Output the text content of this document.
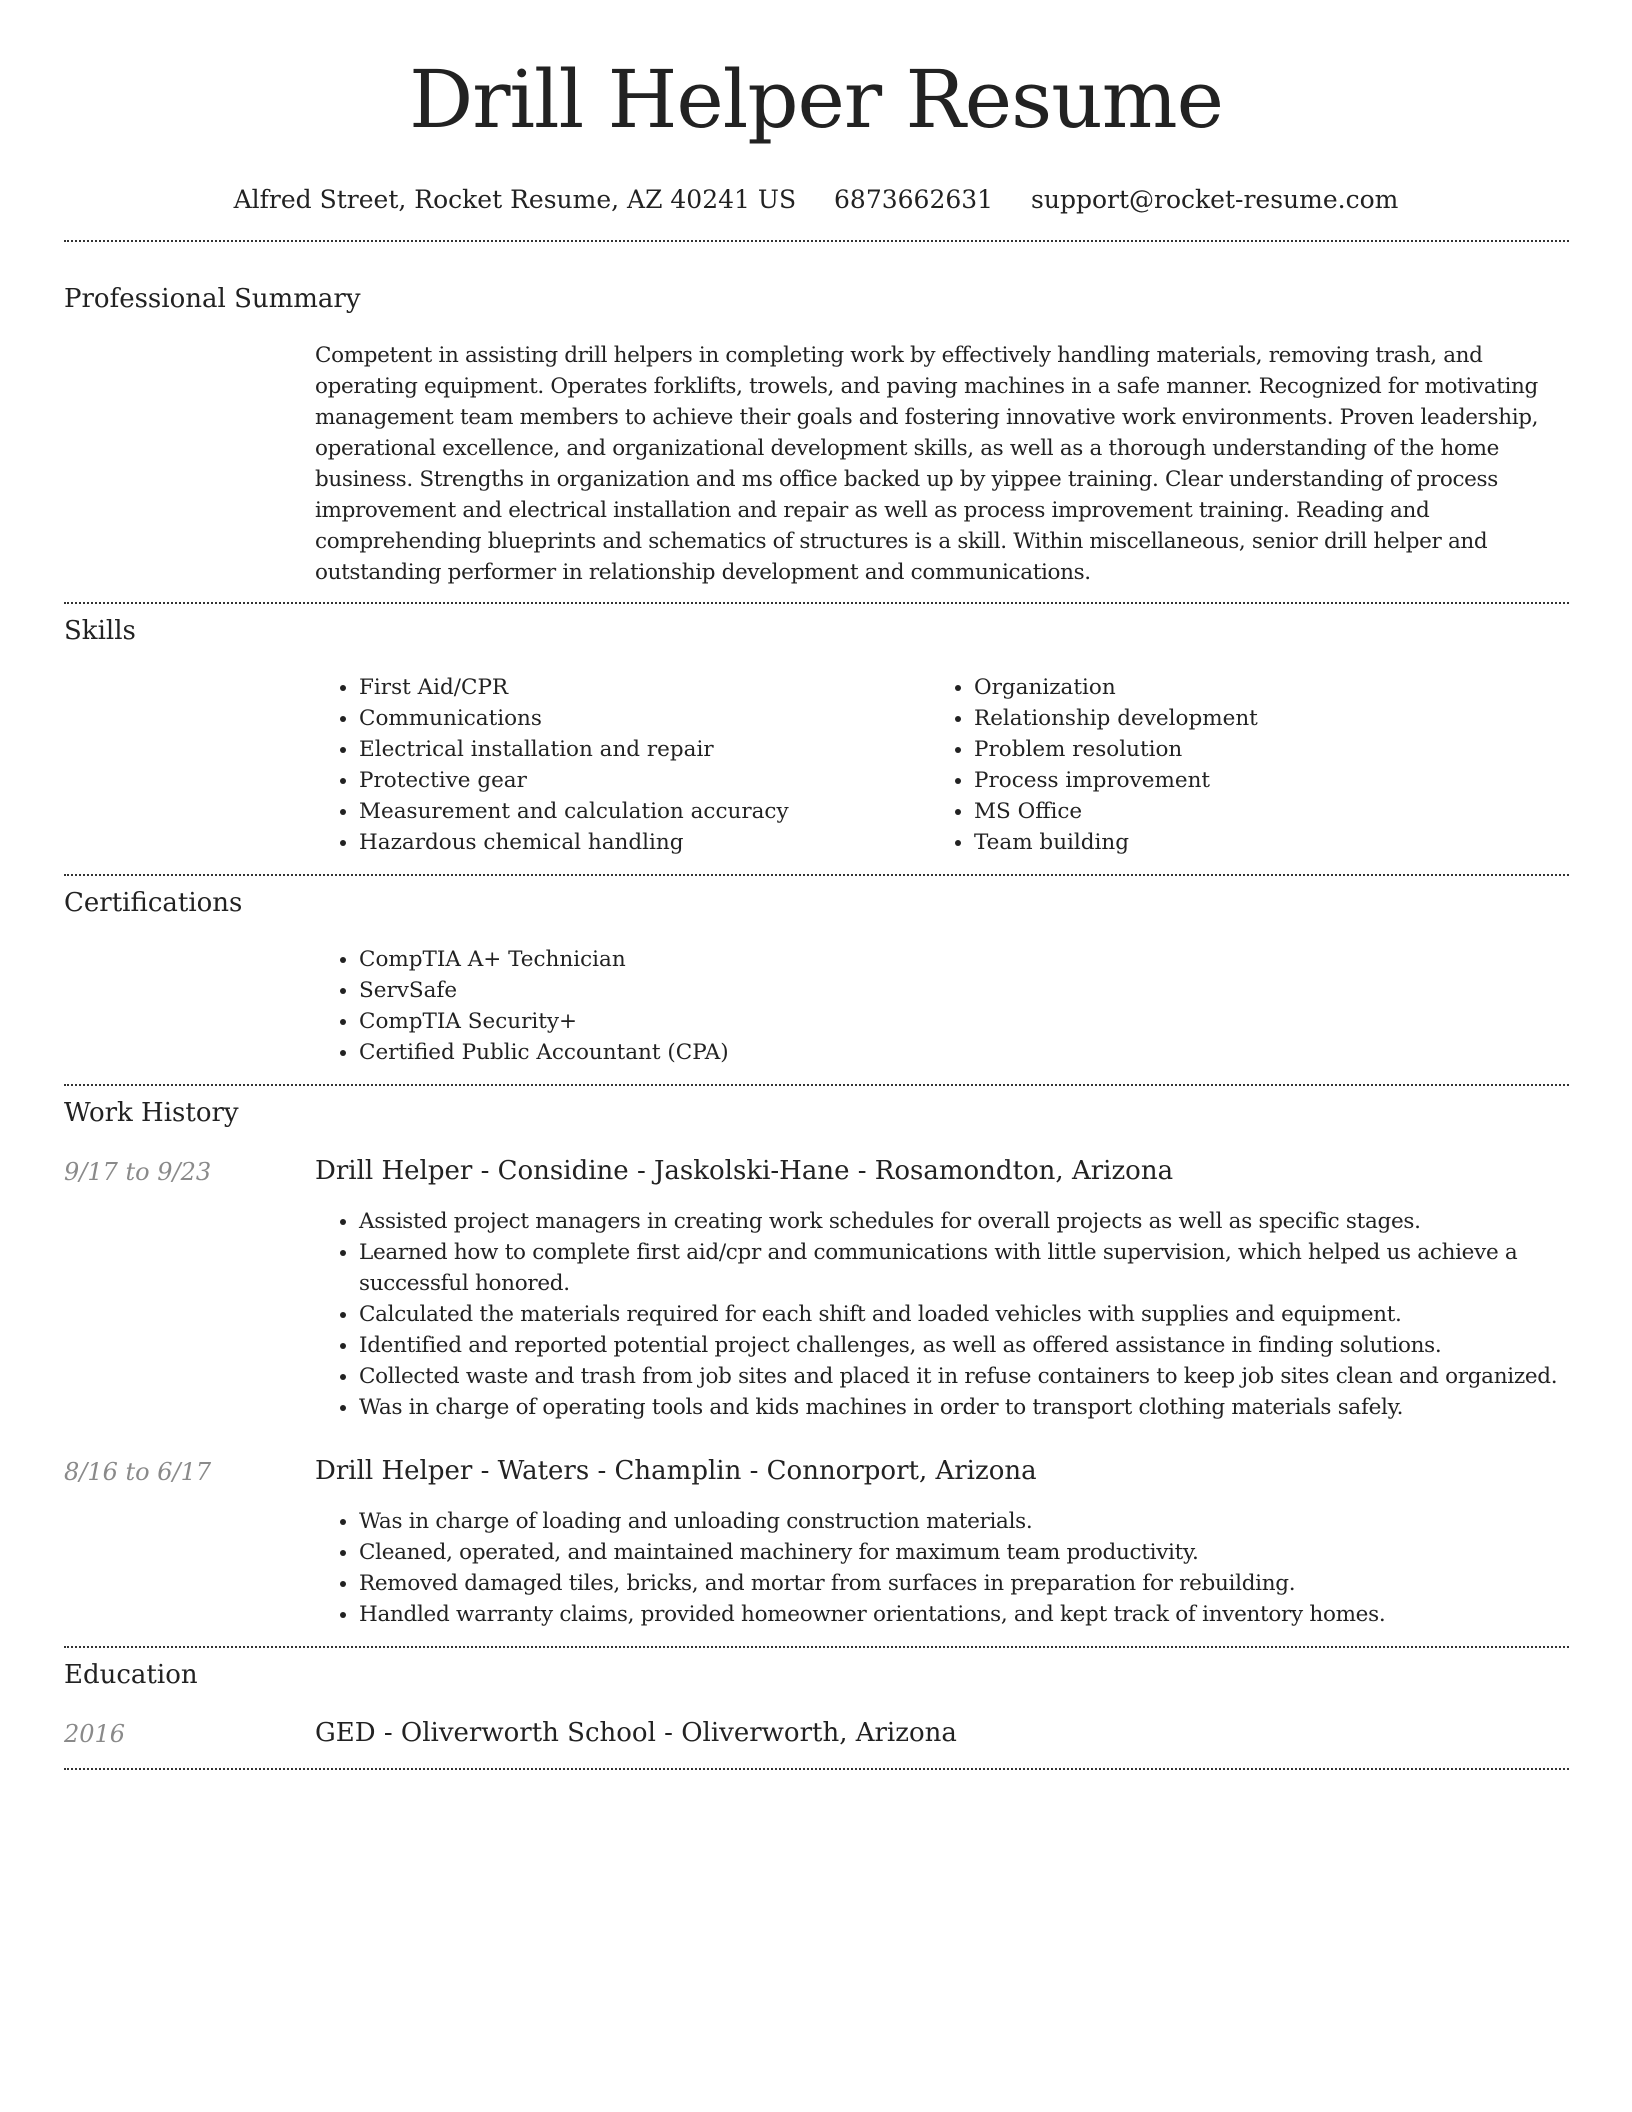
Drill Helper Resume
Alfred Street, Rocket Resume, AZ 40241 US 6873662631 support@rocket-resume.com
Professional Summary

Competent in assisting drill helpers in completing work by effectively handling materials, removing trash, and operating equipment. Operates forklifts, trowels, and paving machines in a safe manner. Recognized for motivating management team members to achieve their goals and fostering innovative work environments. Proven leadership, operational excellence, and organizational development skills, as well as a thorough understanding of the home business. Strengths in organization and ms office backed up by yippee training. Clear understanding of process improvement and electrical installation and repair as well as process improvement training. Reading and comprehending blueprints and schematics of structures is a skill. Within miscellaneous, senior drill helper and outstanding performer in relationship development and communications.

Skills
• First Aid/CPR
• Communications
• Electrical installation and repair
• Protective gear
• Measurement and calculation accuracy
• Hazardous chemical handling
• Organization
• Relationship development
• Problem resolution
• Process improvement
• MS Office
• Team building
Certifications
• CompTIA A+ Technician
• ServSafe
• CompTIA Security+
• Certified Public Accountant (CPA)
Work History
9/17 to 9/23	Drill Helper - Considine - Jaskolski-Hane - Rosamondton, Arizona
• Assisted project managers in creating work schedules for overall projects as well as specific stages.
• Learned how to complete first aid/cpr and communications with little supervision, which helped us achieve a successful honored.
• Calculated the materials required for each shift and loaded vehicles with supplies and equipment.
• Identified and reported potential project challenges, as well as offered assistance in finding solutions.
• Collected waste and trash from job sites and placed it in refuse containers to keep job sites clean and organized.
• Was in charge of operating tools and kids machines in order to transport clothing materials safely.
8/16 to 6/17	Drill Helper - Waters - Champlin - Connorport, Arizona
• Was in charge of loading and unloading construction materials.
• Cleaned, operated, and maintained machinery for maximum team productivity.
• Removed damaged tiles, bricks, and mortar from surfaces in preparation for rebuilding.
• Handled warranty claims, provided homeowner orientations, and kept track of inventory homes.
Education
2016	GED - Oliverworth School - Oliverworth, Arizona
